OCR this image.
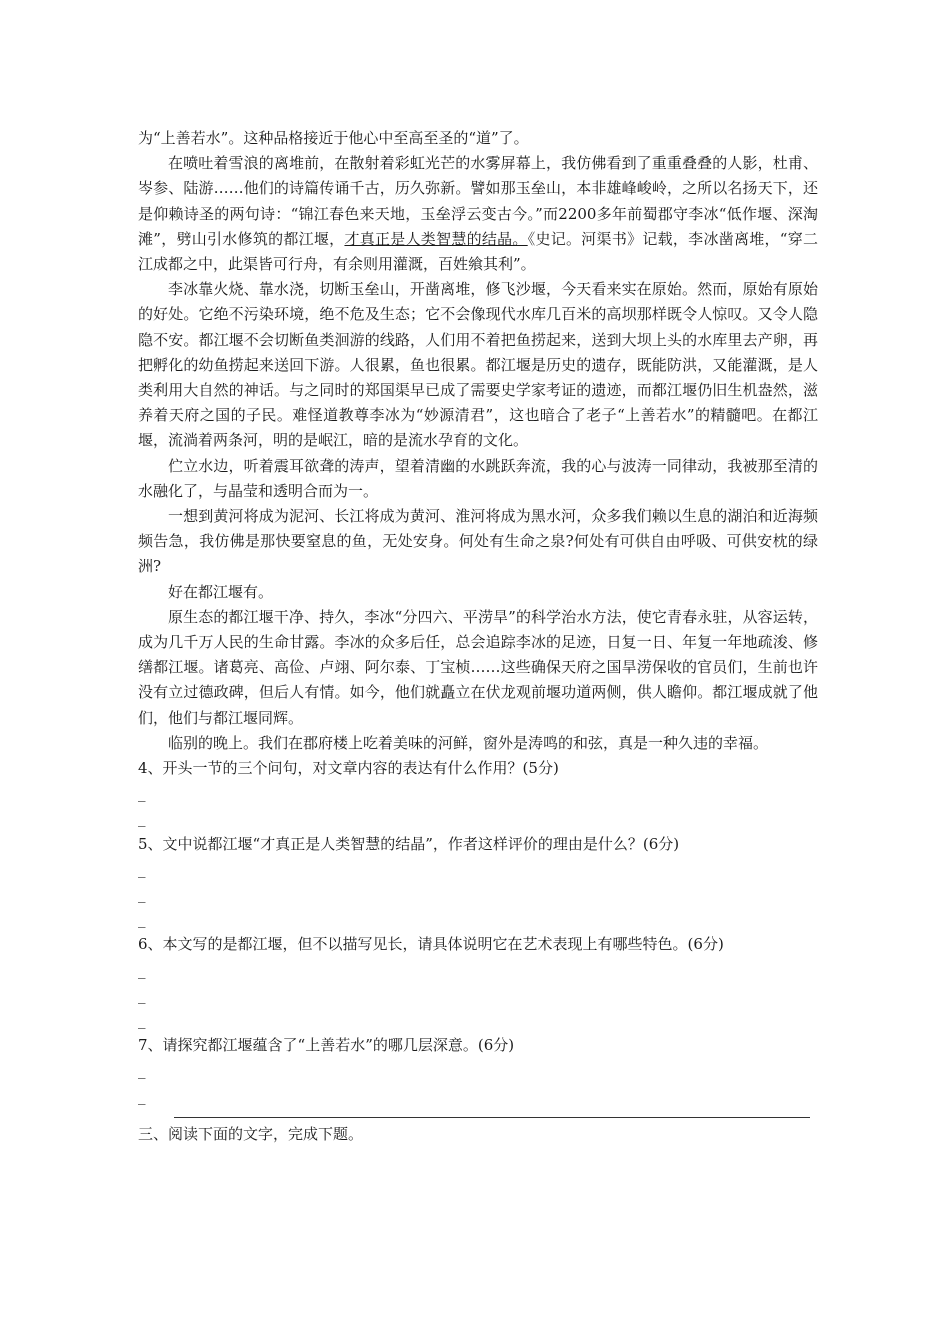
为“上善若水”。这种品格接近于他心中至高至圣的“道”了。

在喷吐着雪浪的离堆前，在散射着彩虹光芒的水雾屏幕上，我仿佛看到了重重叠叠的人影，杜甫、岑参、陆游……他们的诗篇传诵千古，历久弥新。譬如那玉垒山，本非雄峰峻岭，之所以名扬天下，还是仰赖诗圣的两句诗：“锦江春色来天地，玉垒浮云变古今。”而2200多年前蜀郡守李冰“低作堰、深淘滩”，劈山引水修筑的都江堰，才真正是人类智慧的结晶。《史记。河渠书》记载，李冰凿离堆，“穿二江成都之中，此渠皆可行舟，有余则用灌溉，百姓飨其利”。

李冰靠火烧、靠水浇，切断玉垒山，开凿离堆，修飞沙堰，今天看来实在原始。然而，原始有原始的好处。它绝不污染环境，绝不危及生态；它不会像现代水库几百米的高坝那样既令人惊叹。又令人隐隐不安。都江堰不会切断鱼类洄游的线路，人们用不着把鱼捞起来，送到大坝上头的水库里去产卵，再把孵化的幼鱼捞起来送回下游。人很累，鱼也很累。都江堰是历史的遗存，既能防洪，又能灌溉，是人类利用大自然的神话。与之同时的郑国渠早已成了需要史学家考证的遗迹，而都江堰仍旧生机盎然，滋养着天府之国的子民。难怪道教尊李冰为“妙源清君”，这也暗合了老子“上善若水”的精髓吧。在都江堰，流淌着两条河，明的是岷江，暗的是流水孕育的文化。

伫立水边，听着震耳欲聋的涛声，望着清幽的水跳跃奔流，我的心与波涛一同律动，我被那至清的水融化了，与晶莹和透明合而为一。

一想到黄河将成为泥河、长江将成为黄河、淮河将成为黑水河，众多我们赖以生息的湖泊和近海频频告急，我仿佛是那快要窒息的鱼，无处安身。何处有生命之泉?何处有可供自由呼吸、可供安枕的绿洲?

好在都江堰有。

原生态的都江堰干净、持久，李冰“分四六、平涝旱”的科学治水方法，使它青春永驻，从容运转，成为几千万人民的生命甘露。李冰的众多后任，总会追踪李冰的足迹，日复一日、年复一年地疏浚、修缮都江堰。诸葛亮、高俭、卢翊、阿尔泰、丁宝桢……这些确保天府之国旱涝保收的官员们，生前也许没有立过德政碑，但后人有情。如今，他们就矗立在伏龙观前堰功道两侧，供人瞻仰。都江堰成就了他们，他们与都江堰同辉。

临别的晚上。我们在郡府楼上吃着美味的河鲜，窗外是涛鸣的和弦，真是一种久违的幸福。

4、开头一节的三个问句，对文章内容的表达有什么作用？(5分)

_

_

5、文中说都江堰“才真正是人类智慧的结晶”，作者这样评价的理由是什么？(6分)

_

_

_

6、本文写的是都江堰，但不以描写见长，请具体说明它在艺术表现上有哪些特色。(6分)

_

_

_

7、请探究都江堰蕴含了“上善若水”的哪几层深意。(6分)

_

_

三、阅读下面的文字，完成下题。
